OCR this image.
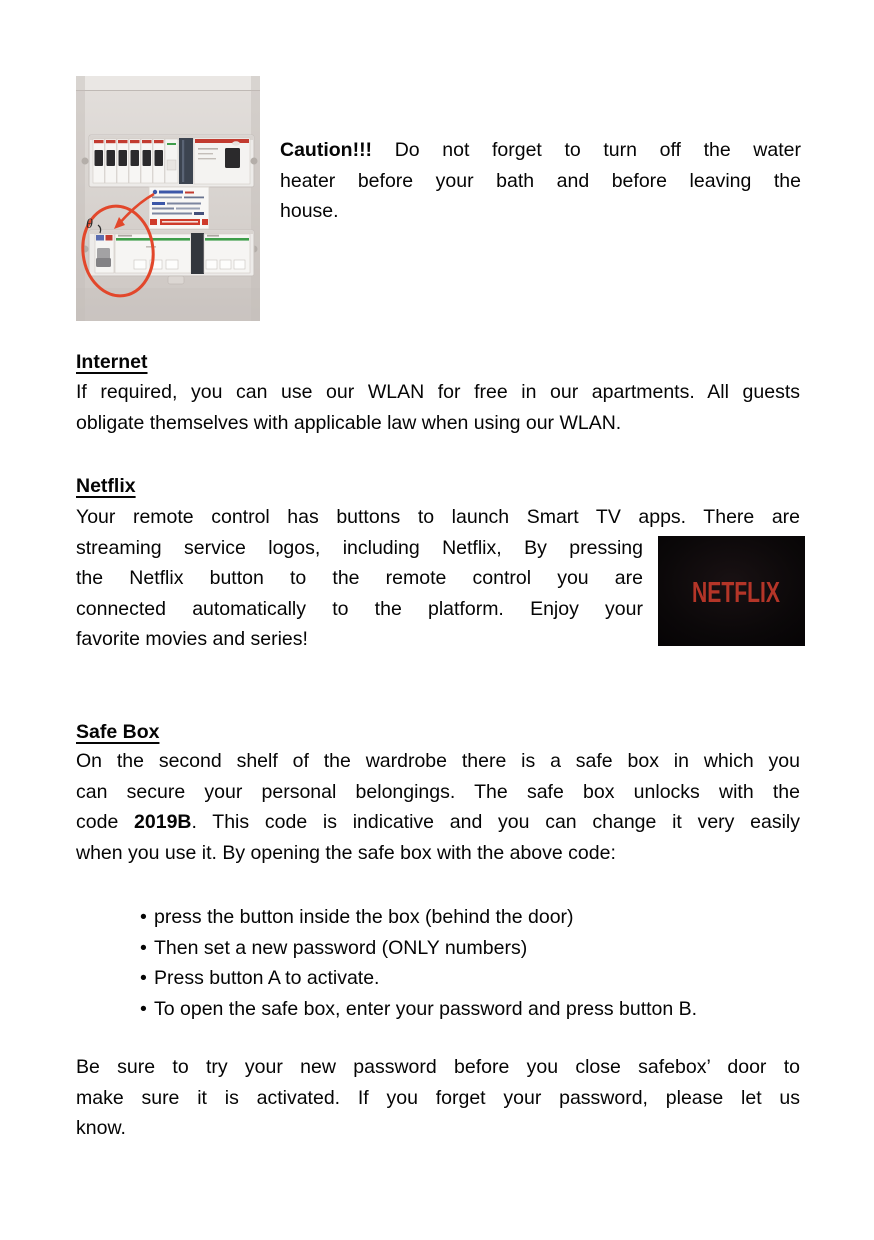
θ
Caution!!! Do not forget to turn off the water
heater before your bath and before leaving the
house.
Internet
If required, you can use our WLAN for free in our apartments. All guests
obligate themselves with applicable law when using our WLAN.
Netflix
Your remote control has buttons to launch Smart TV apps. There are
streaming service logos, including Netflix, By pressing
the Netflix button to the remote control you are
connected automatically to the platform. Enjoy your
favorite movies and series!
NETFLIX
Safe Box
On the second shelf of the wardrobe there is a safe box in which you
can secure your personal belongings. The safe box unlocks with the
code 2019B. This code is indicative and you can change it very easily
when you use it. By opening the safe box with the above code:
• press the button inside the box (behind the door)
• Then set a new password (ONLY numbers)
• Press button A to activate.
• To open the safe box, enter your password and press button B.
Be sure to try your new password before you close safebox’ door to
make sure it is activated. If you forget your password, please let us
know.
